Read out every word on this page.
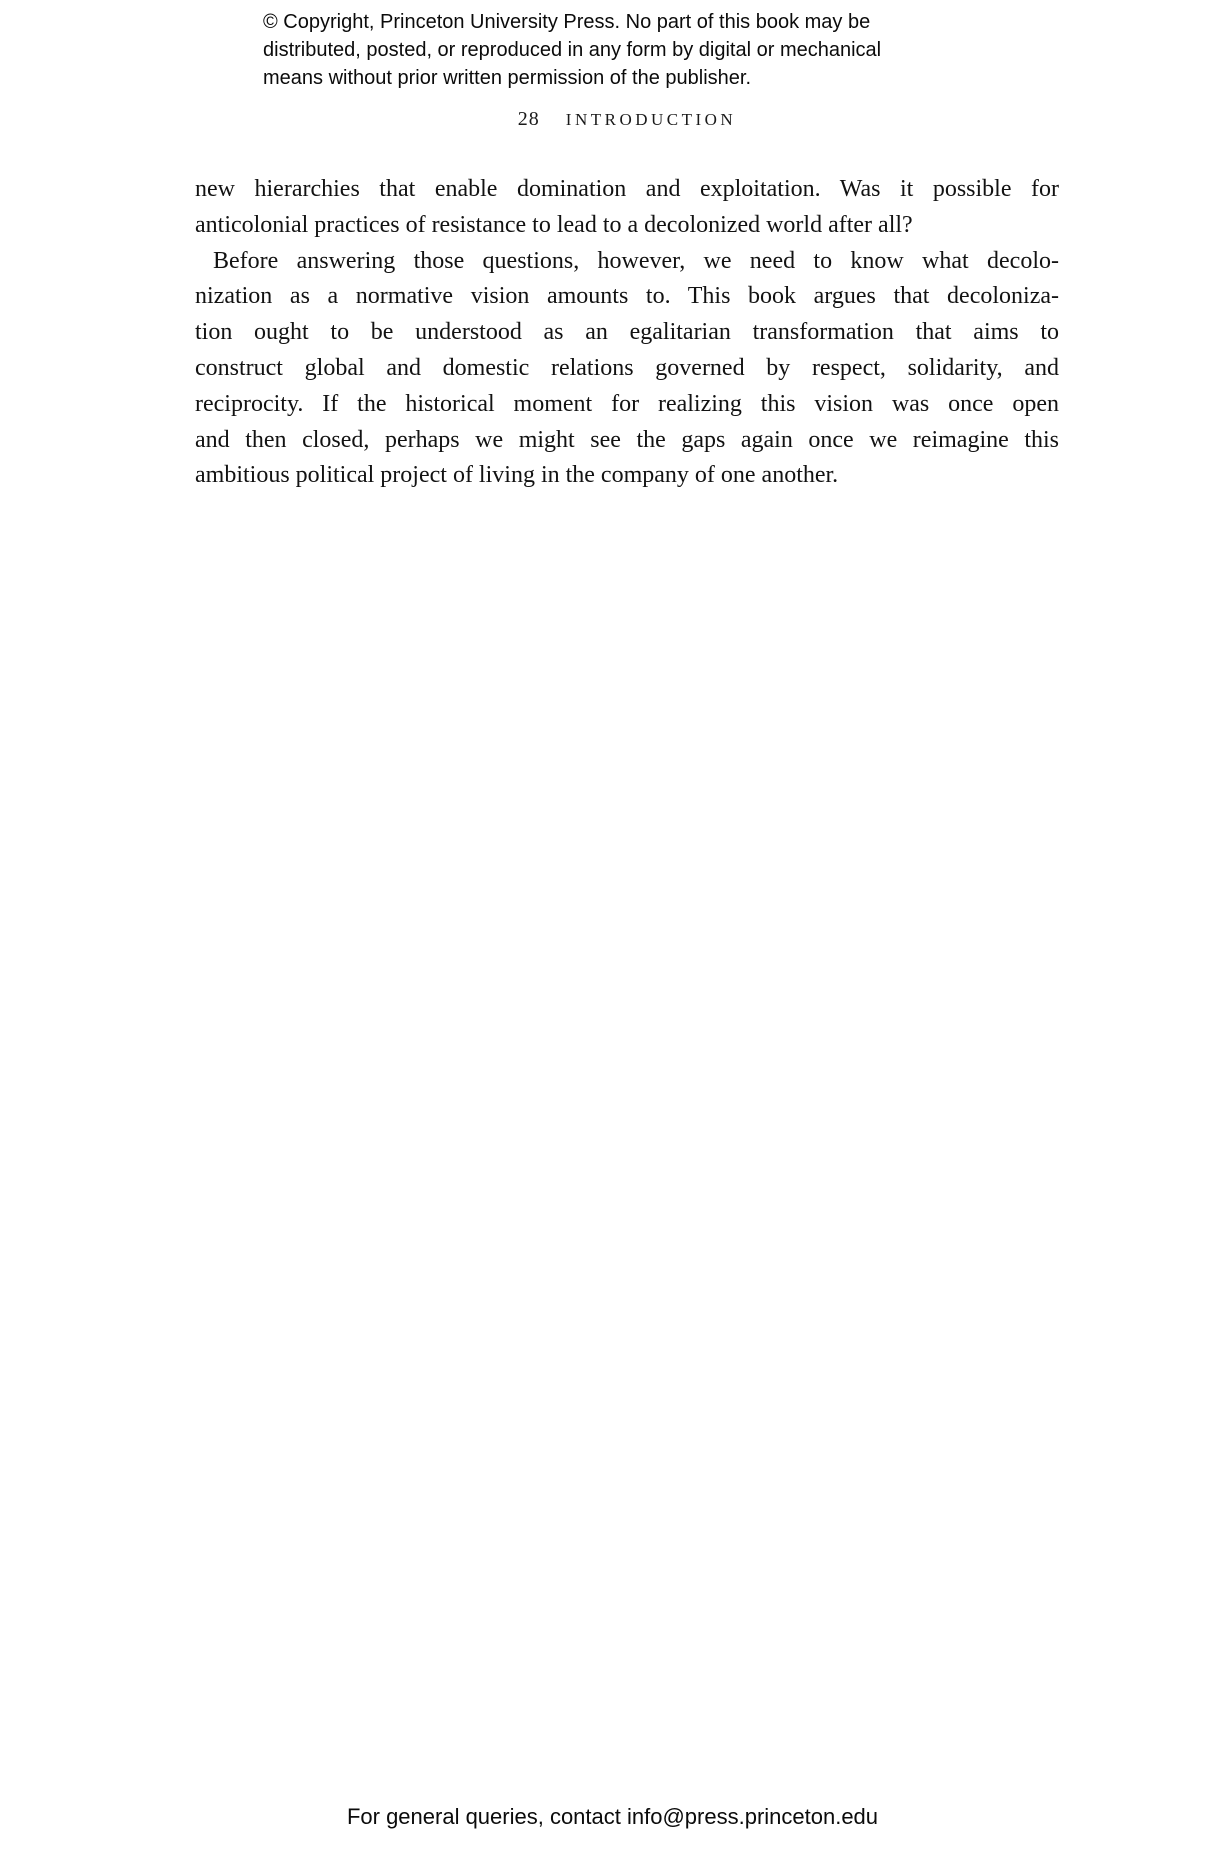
© Copyright, Princeton University Press. No part of this book may be
distributed, posted, or reproduced in any form by digital or mechanical
means without prior written permission of the publisher.
28 INTRODUCTION
new hierarchies that enable domination and exploitation. Was it possible for
anticolonial practices of resistance to lead to a decolonized world after all?
Before answering those questions, however, we need to know what decolo-
nization as a normative vision amounts to. This book argues that decoloniza-
tion ought to be understood as an egalitarian transformation that aims to
construct global and domestic relations governed by respect, solidarity, and
reciprocity. If the historical moment for realizing this vision was once open
and then closed, perhaps we might see the gaps again once we reimagine this
ambitious political project of living in the company of one another.
For general queries, contact info@press.princeton.edu
